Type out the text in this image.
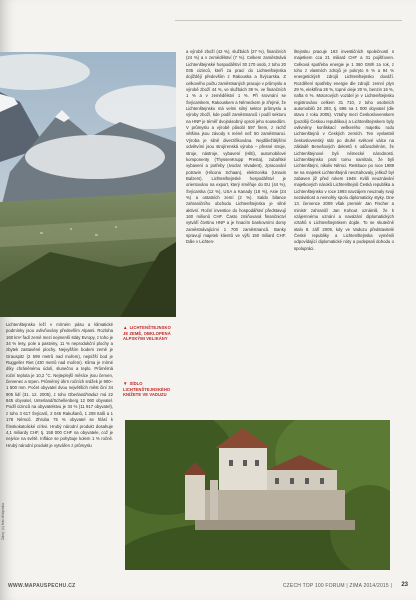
Lichtenštejnsko leží v mírném pásu a klimatické podmínky jsou ovlivňovány především Alpami. Rozloha 160 km² řadí země mezi nejmenší státy Evropy, z toho je 34 % lesy, pole a pastviny, 11 % neprodukční plochy a zbytek zastavěné plochy. Nejvyšším bodem země je Grauspitz (2 599 metrů nad mořem), nejnižší bod je Ruggeller Riet (430 metrů nad mořem). Klima je mírné díky chráněnému údolí, slunečno a teplo. Průměrná roční teplota je 10,2 °C. Nejteplejší měsíce jsou červen, červenec a srpen. Průměrný úhrn ročních srážek je 900–1 500 mm. Počet obyvatel dvou největších měst činí 34 905 lidí (31. 12. 2005), z toho Oberland/Vaduz má 22 845 obyvatel, Unterland/Schellenberg 12 060 obyvatel. Podíl cizinců na obyvatelstvu je 34 % (11 917 obyvatel), z toho 3 617 Švýcarů, 2 045 Rakušanů, 1 208 Italů a 1 178 Němců. Zhruba 75 % obyvatel se hlásí k římskokatolické církvi. Hrubý národní produkt dosahuje 4,1 miliardy CHF, tj. 158 000 CHF na obyvatele, což je nejvíce na světě. Infláce se pohybuje kolem 1 % ročně. Hrubý národní produkt je vytvářen z průmyslu

▲ LICHTENŠTEJNSKO JE ZEMĚ, OBKLOPENÁ ALPSKÝMI VELIKÁNY
▼ SÍDLO LICHTENŠTEJNSKÉHO KNÍŽETE VE VADUZU

a výrobě zboží (42 %), službách (27 %), finančních (24 %) a v zemědělství (7 %). Celkem zaměstnává Lichtenštejnské hospodářství 30 170 osob, z toho 20 035 cizinců, kteří za prací do Lichtenštejnska dojíždějí především z Rakouska a Švýcarska. Z celkového počtu zaměstnaných pracuje v průmyslu a výrobě zboží 44 %, ve službách 39 %, ve finančních 1 % a v zemědělství 1 %. Při srovnání se Švýcarskem, Rakouskem a Německem je zřejmé, že Lichtenštejnsko má velmi silný sektor průmyslu a výroby zboží, kde podíl zaměstnanců i podíl sektoru na HNP je téměř dvojnásobný oproti jeho sousedům. V průmyslu a výrobě působí 597 firem, z nichž většina jsou závody s méně než 50 zaměstnanci. Výroba je silně diverzifikována. Nejdůležitějšími odvětvími jsou strojírenská výroba – přesné stroje, stroje, nástroje, vybavení (Hilti), automobilové komponenty (ThyssenKrupp Presta), zubařské vybavení a potřeby (Ivoclar Vivadent), zpracování potravin (Hilcona Schaan), elektronika (Unaxis Balzers). Lichtenštejnské hospodářství je orientováno na export, který směřuje do EU (44 %), Švýcarska (12 %), USA a Kanady (18 %), Asie (24 %) a ostatních zemí (2 %). Saldo bilance zahraničního obchodu Lichtenštejnska je silně aktivní. Roční investice do hospodářství představují 160 milionů CHF. Často zmiňovaná finančnictví vytváří čtvrtinu HNP a je hnacím bankovními domy zaměstnávajícími 1 700 zaměstnanců. Banky spravují majetek klientů ve výši 150 miliard CHF. Dále v Lichten-

štejnsku pracuje 163 investičních společností s majetkem cca 21 miliard CHF a 31 pojišťoven. Celková spotřeba energie je 1 360 GWh za rok, z toho z vlastních zdrojů je pokryto 6 % a 94 % energetických zdrojů Lichtenštejnsko dováží. Rozdělení spotřeby energie dle zdrojů: zemní plyn 29 %, elektřina 26 %, topné oleje 20 %, benzin 16 %, nafta 6 %. Motorových vozidel je v Lichtenštejnsku registrováno celkem 31 710, z toho osobních automobilů 24 293, tj. 696 na 1 000 obyvatel (dle stavu z roku 2005). Vztahy mezi Československem (později Českou republikou) a Lichtenštejnskem byly ovlivněny konfiskací veškerého majetku rodu Lichtenštejnů v Českých zemích. Ten vyvlastnil československý stát po druhé světové válce na základě Benešových dekretů s odůvodněním, že Lichtenštejnové byli německé národnosti. Lichtenštejnsko proti tomu namítalo, že byli Lichtenštejni, nikoliv Němci. Restituce po roce 1989 se na majetek Lichtenštejnů nevztahovaly, jelikož byl zabaven již před rokem 1948. Kvůli neuznávání majetkových nároků Lichtenštejnů Česká republika a Lichtenštejnsko v roce 1993 navzájem neuznaly svoji nezávislost a nemohly spolu diplomaticky styky. Dne 13. července 2009 však premiér Jan Fischer a ministr zahraničí Jan Kohout oznámili, že k vzájemnému uznání a navázání diplomatických vztahů s Lichtenštejnskem dojde. To se skutečně stalo 8. září 2009, kdy ve Vaduzu představitelé České republiky a Lichtenštejnska vyměnili odpovídající diplomatické nóty a podepsali dohodu o spolupráci.

Zdroj: (c) foto Wikipedia
WWW.MAPAUSPECHU.CZ	CZECH TOP 100 FORUM | ZIMA 2014/2015 | 23
